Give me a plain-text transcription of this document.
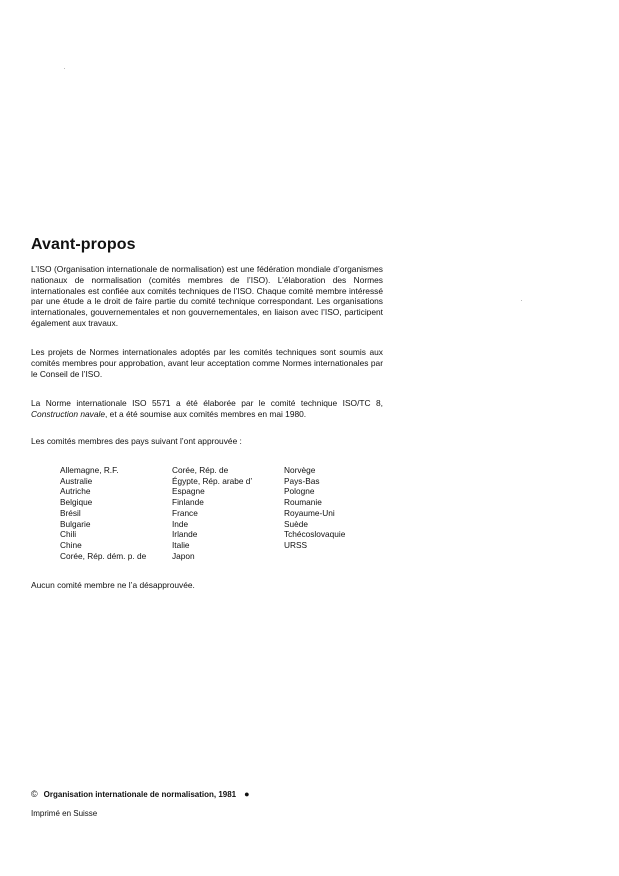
Avant-propos

L’ISO (Organisation internationale de normalisation) est une fédération mondiale d’organismes nationaux de normalisation (comités membres de l’ISO). L’élaboration des Normes internationales est confiée aux comités techniques de l’ISO. Chaque comité membre intéressé par une étude a le droit de faire partie du comité technique correspondant. Les organisations internationales, gouvernementales et non gouvernementales, en liaison avec l’ISO, participent également aux travaux.

Les projets de Normes internationales adoptés par les comités techniques sont soumis aux comités membres pour approbation, avant leur acceptation comme Normes internationales par le Conseil de l’ISO.

La Norme internationale ISO 5571 a été élaborée par le comité technique ISO/TC 8, Construction navale, et a été soumise aux comités membres en mai 1980.

Les comités membres des pays suivant l’ont approuvée :

Allemagne, R.F.
Australie
Autriche
Belgique
Brésil
Bulgarie
Chili
Chine
Corée, Rép. dém. p. de
Corée, Rép. de
Égypte, Rép. arabe d’
Espagne
Finlande
France
Inde
Irlande
Italie
Japon
Norvège
Pays-Bas
Pologne
Roumanie
Royaume-Uni
Suède
Tchécoslovaquie
URSS

Aucun comité membre ne l’a désapprouvée.

© Organisation internationale de normalisation, 1981 ●
Imprimé en Suisse
